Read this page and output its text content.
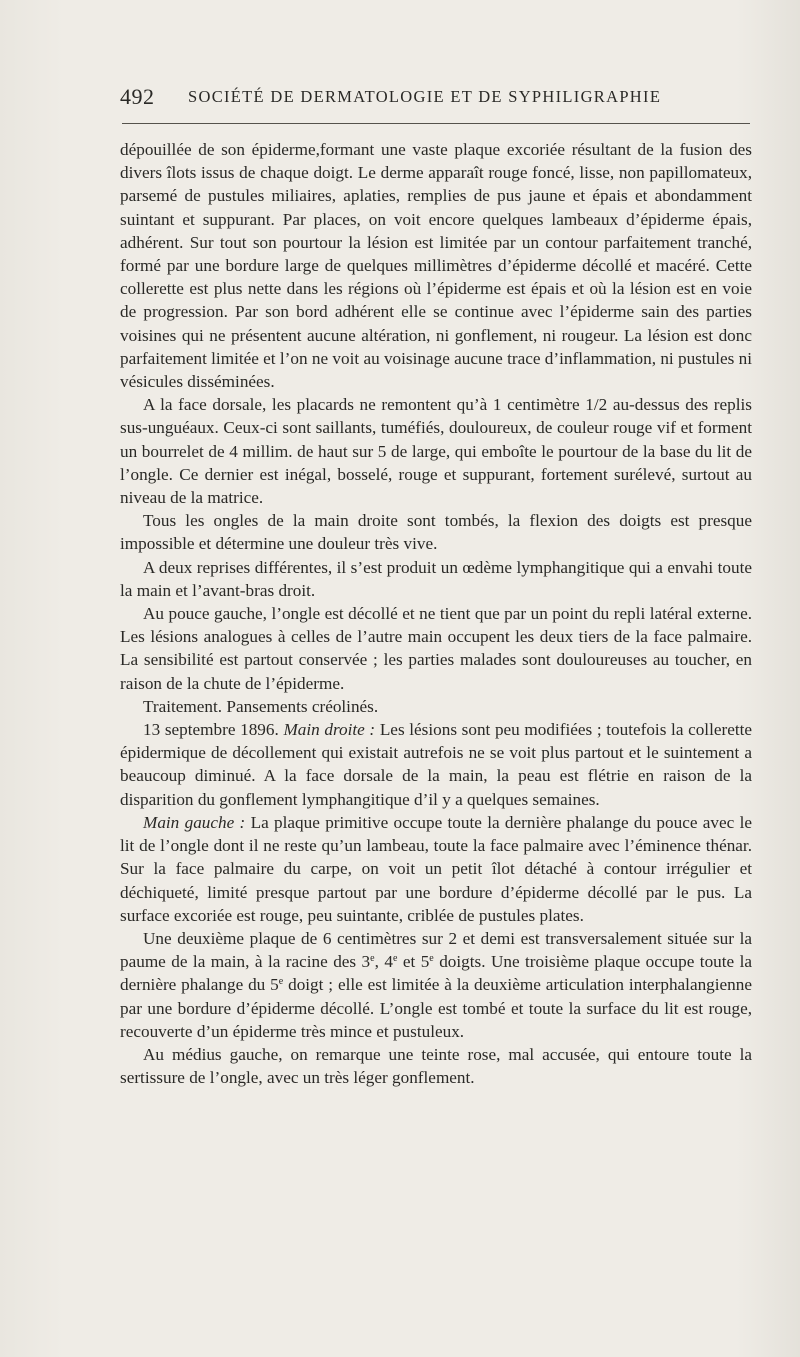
492 SOCIÉTÉ DE DERMATOLOGIE ET DE SYPHILIGRAPHIE

dépouillée de son épiderme,formant une vaste plaque excoriée résultant de la fusion des divers îlots issus de chaque doigt. Le derme apparaît rouge foncé, lisse, non papillomateux, parsemé de pustules miliaires, aplaties, remplies de pus jaune et épais et abondamment suintant et suppurant. Par places, on voit encore quelques lambeaux d’épiderme épais, adhérent. Sur tout son pourtour la lésion est limitée par un contour parfaitement tranché, formé par une bordure large de quelques millimètres d’épiderme décollé et macéré. Cette collerette est plus nette dans les régions où l’épiderme est épais et où la lésion est en voie de progression. Par son bord adhérent elle se continue avec l’épiderme sain des parties voisines qui ne présentent aucune altération, ni gonflement, ni rougeur. La lésion est donc parfaitement limitée et l’on ne voit au voisinage aucune trace d’inflammation, ni pustules ni vésicules disséminées.

A la face dorsale, les placards ne remontent qu’à 1 centimètre 1/2 au-dessus des replis sus-unguéaux. Ceux-ci sont saillants, tuméfiés, douloureux, de couleur rouge vif et forment un bourrelet de 4 millim. de haut sur 5 de large, qui emboîte le pourtour de la base du lit de l’ongle. Ce dernier est inégal, bosselé, rouge et suppurant, fortement surélevé, surtout au niveau de la matrice.

Tous les ongles de la main droite sont tombés, la flexion des doigts est presque impossible et détermine une douleur très vive.

A deux reprises différentes, il s’est produit un œdème lymphangitique qui a envahi toute la main et l’avant-bras droit.

Au pouce gauche, l’ongle est décollé et ne tient que par un point du repli latéral externe. Les lésions analogues à celles de l’autre main occupent les deux tiers de la face palmaire. La sensibilité est partout conservée ; les parties malades sont douloureuses au toucher, en raison de la chute de l’épiderme.

Traitement. Pansements créolinés.

13 septembre 1896. Main droite : Les lésions sont peu modifiées ; toutefois la collerette épidermique de décollement qui existait autrefois ne se voit plus partout et le suintement a beaucoup diminué. A la face dorsale de la main, la peau est flétrie en raison de la disparition du gonflement lymphangitique d’il y a quelques semaines.

Main gauche : La plaque primitive occupe toute la dernière phalange du pouce avec le lit de l’ongle dont il ne reste qu’un lambeau, toute la face palmaire avec l’éminence thénar. Sur la face palmaire du carpe, on voit un petit îlot détaché à contour irrégulier et déchiqueté, limité presque partout par une bordure d’épiderme décollé par le pus. La surface excoriée est rouge, peu suintante, criblée de pustules plates.

Une deuxième plaque de 6 centimètres sur 2 et demi est transversalement située sur la paume de la main, à la racine des 3e, 4e et 5e doigts. Une troisième plaque occupe toute la dernière phalange du 5e doigt ; elle est limitée à la deuxième articulation interphalangienne par une bordure d’épiderme décollé. L’ongle est tombé et toute la surface du lit est rouge, recouverte d’un épiderme très mince et pustuleux.

Au médius gauche, on remarque une teinte rose, mal accusée, qui entoure toute la sertissure de l’ongle, avec un très léger gonflement.
